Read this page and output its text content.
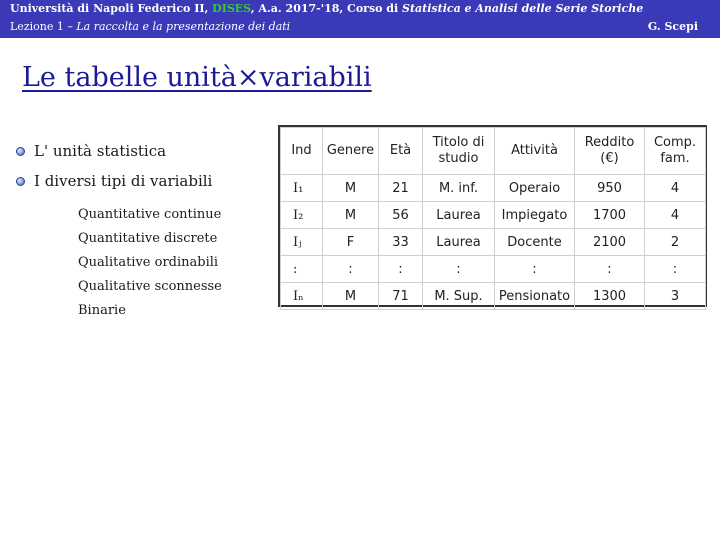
Università di Napoli Federico II, DISES, A.a. 2017-'18, Corso di Statistica e Analisi delle Serie Storiche
Lezione 1 – La raccolta e la presentazione dei dati	G. Scepi
Le tabelle unità×variabili
L' unità statistica
I diversi tipi di variabili
Quantitative continue
Quantitative discrete
Qualitative ordinabili
Qualitative sconnesse
Binarie
Ind	Genere	Età	Titolo di studio	Attività	Reddito (€)	Comp. fam.
I₁	M	21	M. inf.	Operaio	950	4
I₂	M	56	Laurea	Impiegato	1700	4
Iⱼ	F	33	Laurea	Docente	2100	2
:	:	:	:	:	:	:
Iₙ	M	71	M. Sup.	Pensionato	1300	3
